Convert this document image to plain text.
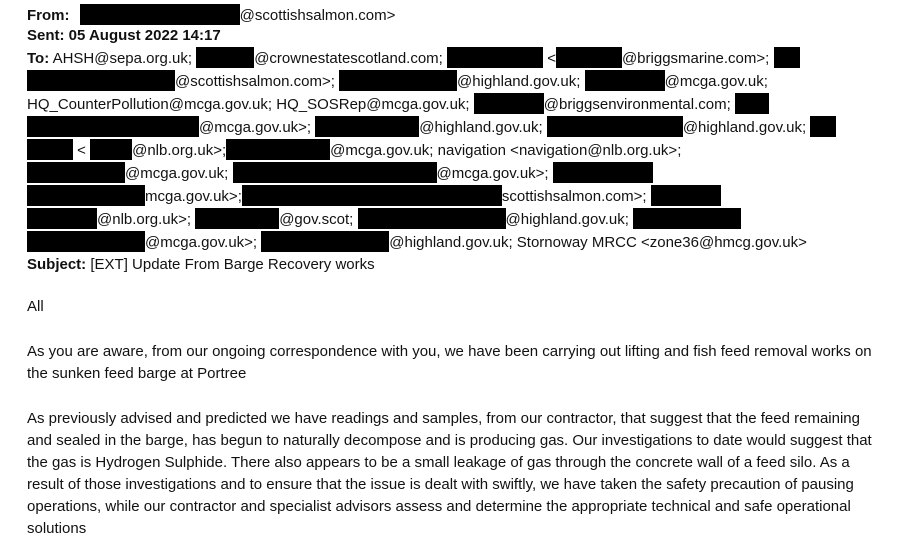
From:	@scottishsalmon.com>
Sent: 05 August 2022 14:17
To: AHSH@sepa.org.uk;	@crownestatescotland.com;	<	@briggsmarine.com>;
@scottishsalmon.com>;	@highland.gov.uk;	@mcga.gov.uk;
HQ_CounterPollution@mcga.gov.uk; HQ_SOSRep@mcga.gov.uk;	@briggsenvironmental.com;
@mcga.gov.uk>;	@highland.gov.uk;	@highland.gov.uk;
<	@nlb.org.uk>;	@mcga.gov.uk; navigation <navigation@nlb.org.uk>;
@mcga.gov.uk;	@mcga.gov.uk>;
mcga.gov.uk>;	scottishsalmon.com>;
@nlb.org.uk>;	@gov.scot;	@highland.gov.uk;
@mcga.gov.uk>;	@highland.gov.uk; Stornoway MRCC <zone36@hmcg.gov.uk>
Subject: [EXT] Update From Barge Recovery works
All
As you are aware, from our ongoing correspondence with you, we have been carrying out lifting and fish feed removal works on the sunken feed barge at Portree
As previously advised and predicted we have readings and samples, from our contractor, that suggest that the feed remaining and sealed in the barge, has begun to naturally decompose and is producing gas. Our investigations to date would suggest that the gas is Hydrogen Sulphide. There also appears to be a small leakage of gas through the concrete wall of a feed silo. As a result of those investigations and to ensure that the issue is dealt with swiftly, we have taken the safety precaution of pausing operations, while our contractor and specialist advisors assess and determine the appropriate technical and safe operational solutions
